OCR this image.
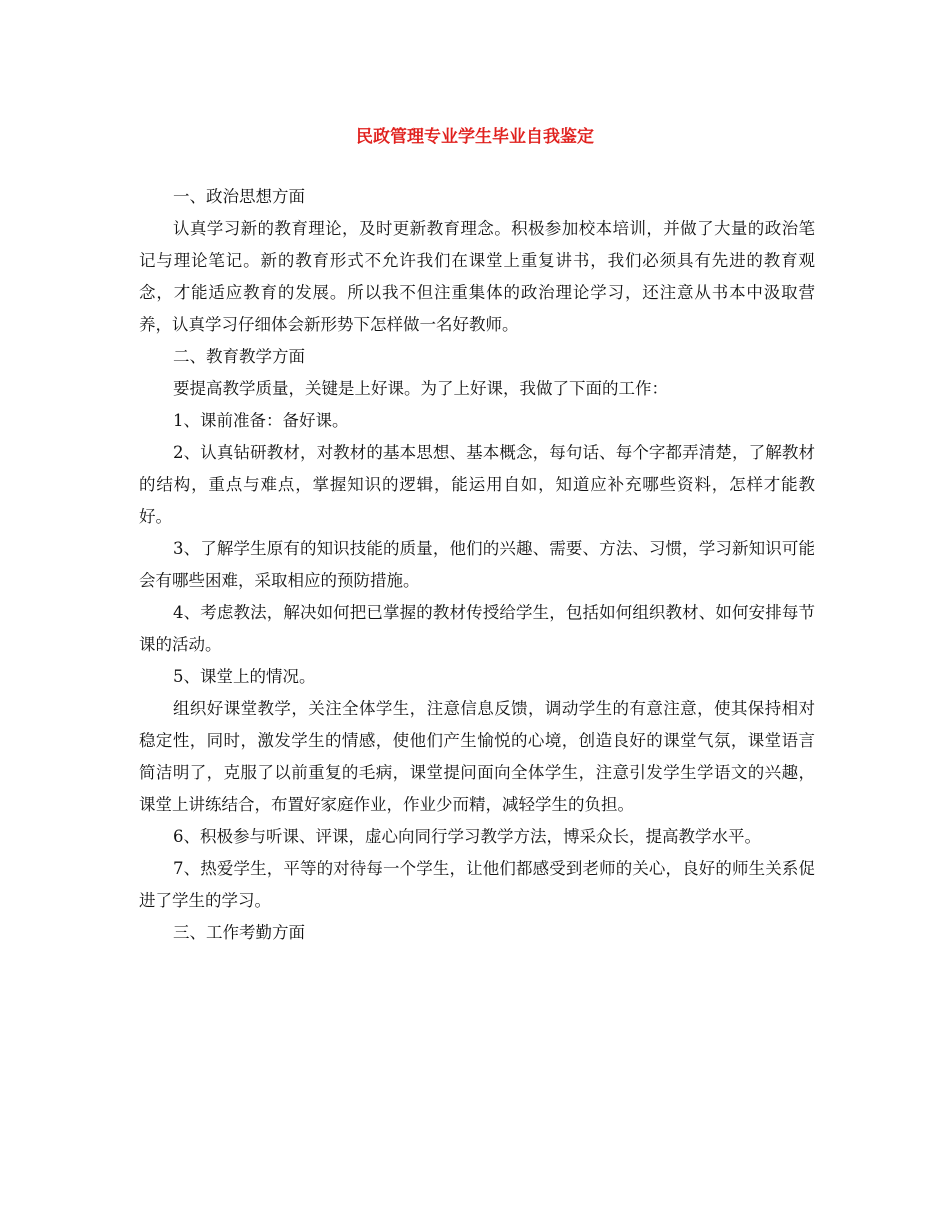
民政管理专业学生毕业自我鉴定

一、政治思想方面

认真学习新的教育理论，及时更新教育理念。积极参加校本培训，并做了大量的政治笔记与理论笔记。新的教育形式不允许我们在课堂上重复讲书，我们必须具有先进的教育观念，才能适应教育的发展。所以我不但注重集体的政治理论学习，还注意从书本中汲取营养，认真学习仔细体会新形势下怎样做一名好教师。

二、教育教学方面

要提高教学质量，关键是上好课。为了上好课，我做了下面的工作：

1、课前准备：备好课。

2、认真钻研教材，对教材的基本思想、基本概念，每句话、每个字都弄清楚，了解教材的结构，重点与难点，掌握知识的逻辑，能运用自如，知道应补充哪些资料，怎样才能教好。

3、了解学生原有的知识技能的质量，他们的兴趣、需要、方法、习惯，学习新知识可能会有哪些困难，采取相应的预防措施。

4、考虑教法，解决如何把已掌握的教材传授给学生，包括如何组织教材、如何安排每节课的活动。

5、课堂上的情况。

组织好课堂教学，关注全体学生，注意信息反馈，调动学生的有意注意，使其保持相对稳定性，同时，激发学生的情感，使他们产生愉悦的心境，创造良好的课堂气氛，课堂语言简洁明了，克服了以前重复的毛病，课堂提问面向全体学生，注意引发学生学语文的兴趣，课堂上讲练结合，布置好家庭作业，作业少而精，减轻学生的负担。

6、积极参与听课、评课，虚心向同行学习教学方法，博采众长，提高教学水平。

7、热爱学生，平等的对待每一个学生，让他们都感受到老师的关心，良好的师生关系促进了学生的学习。

三、工作考勤方面
